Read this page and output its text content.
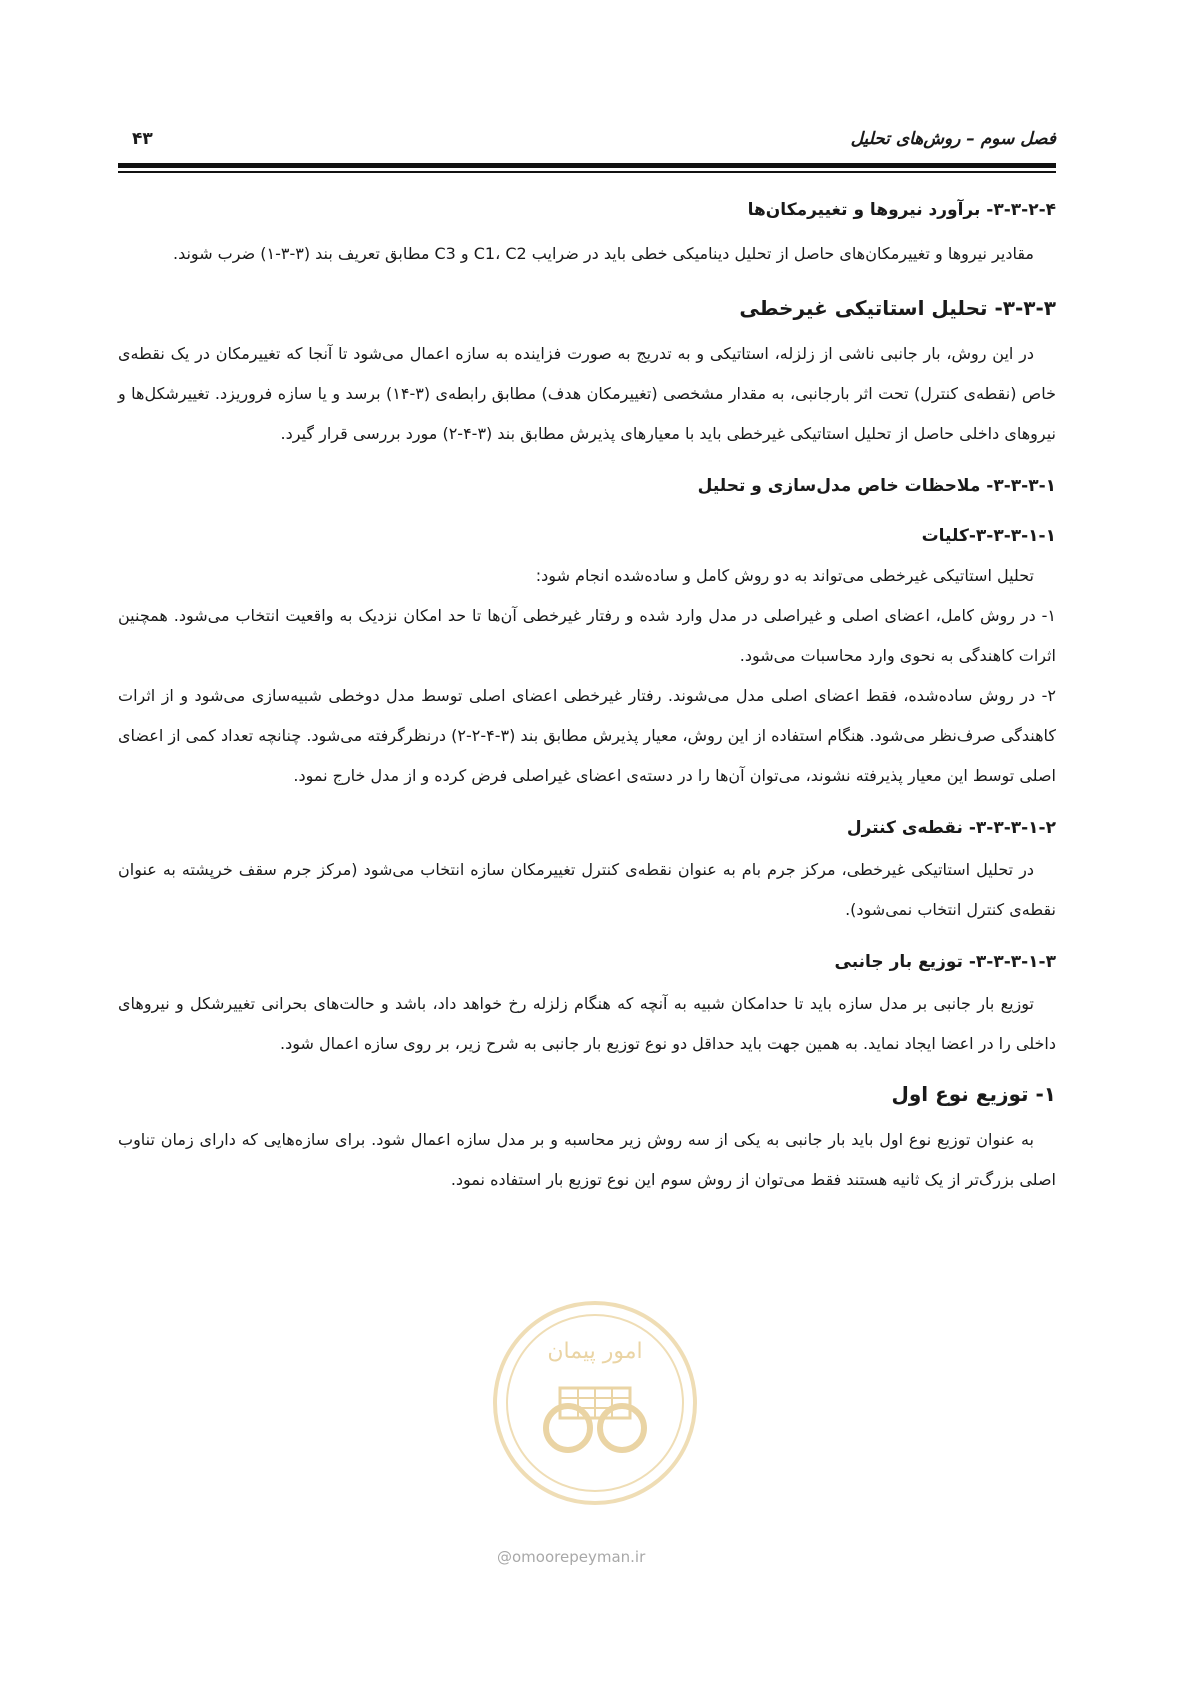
فصل سوم – روش‌های تحلیل
۴۳
۳-۳-۲-۴- برآورد نیروها و تغییرمکان‌ها

مقادیر نیروها و تغییرمکان‌های حاصل از تحلیل دینامیکی خطی باید در ضرایب C1، C2 و C3 مطابق تعریف بند (۳-۳-۱) ضرب شوند.

۳-۳-۳- تحلیل استاتیکی غیرخطی

در این روش، بار جانبی ناشی از زلزله، استاتیکی و به تدریج به صورت فزاینده به سازه اعمال می‌شود تا آنجا که تغییرمکان در یک نقطه‌ی خاص (نقطه‌ی کنترل) تحت اثر بارجانبی، به مقدار مشخصی (تغییرمکان هدف) مطابق رابطه‌ی (۳-۱۴) برسد و یا سازه فروریزد. تغییرشکل‌ها و نیروهای داخلی حاصل از تحلیل استاتیکی غیرخطی باید با معیارهای پذیرش مطابق بند (۳-۴-۲) مورد بررسی قرار گیرد.

۳-۳-۳-۱- ملاحظات خاص مدل‌سازی و تحلیل
۳-۳-۳-۱-۱-کلیات

تحلیل استاتیکی غیرخطی می‌تواند به دو روش کامل و ساده‌شده انجام شود:

۱- در روش کامل، اعضای اصلی و غیراصلی در مدل وارد شده و رفتار غیرخطی آن‌ها تا حد امکان نزدیک به واقعیت انتخاب می‌شود. همچنین اثرات کاهندگی به نحوی وارد محاسبات می‌شود.

۲- در روش ساده‌شده، فقط اعضای اصلی مدل می‌شوند. رفتار غیرخطی اعضای اصلی توسط مدل دوخطی شبیه‌سازی می‌شود و از اثرات کاهندگی صرف‌نظر می‌شود. هنگام استفاده از این روش، معیار پذیرش مطابق بند (۳-۴-۲-۲) درنظرگرفته می‌شود. چنانچه تعداد کمی از اعضای اصلی توسط این معیار پذیرفته نشوند، می‌توان آن‌ها را در دسته‌ی اعضای غیراصلی فرض کرده و از مدل خارج نمود.

۳-۳-۳-۱-۲- نقطه‌ی کنترل

در تحلیل استاتیکی غیرخطی، مرکز جرم بام به عنوان نقطه‌ی کنترل تغییرمکان سازه انتخاب می‌شود (مرکز جرم سقف خرپشته به عنوان نقطه‌ی کنترل انتخاب نمی‌شود).

۳-۳-۳-۱-۳- توزیع بار جانبی

توزیع بار جانبی بر مدل سازه باید تا حدامکان شبیه به آنچه که هنگام زلزله رخ خواهد داد، باشد و حالت‌های بحرانی تغییرشکل و نیروهای داخلی را در اعضا ایجاد نماید. به همین جهت باید حداقل دو نوع توزیع بار جانبی به شرح زیر، بر روی سازه اعمال شود.

۱- توزیع نوع اول

به عنوان توزیع نوع اول باید بار جانبی به یکی از سه روش زیر محاسبه و بر مدل سازه اعمال شود. برای سازه‌هایی که دارای زمان تناوب اصلی بزرگ‌تر از یک ثانیه هستند فقط می‌توان از روش سوم این نوع توزیع بار استفاده نمود.

امور پیمان
@omoorepeyman.ir
